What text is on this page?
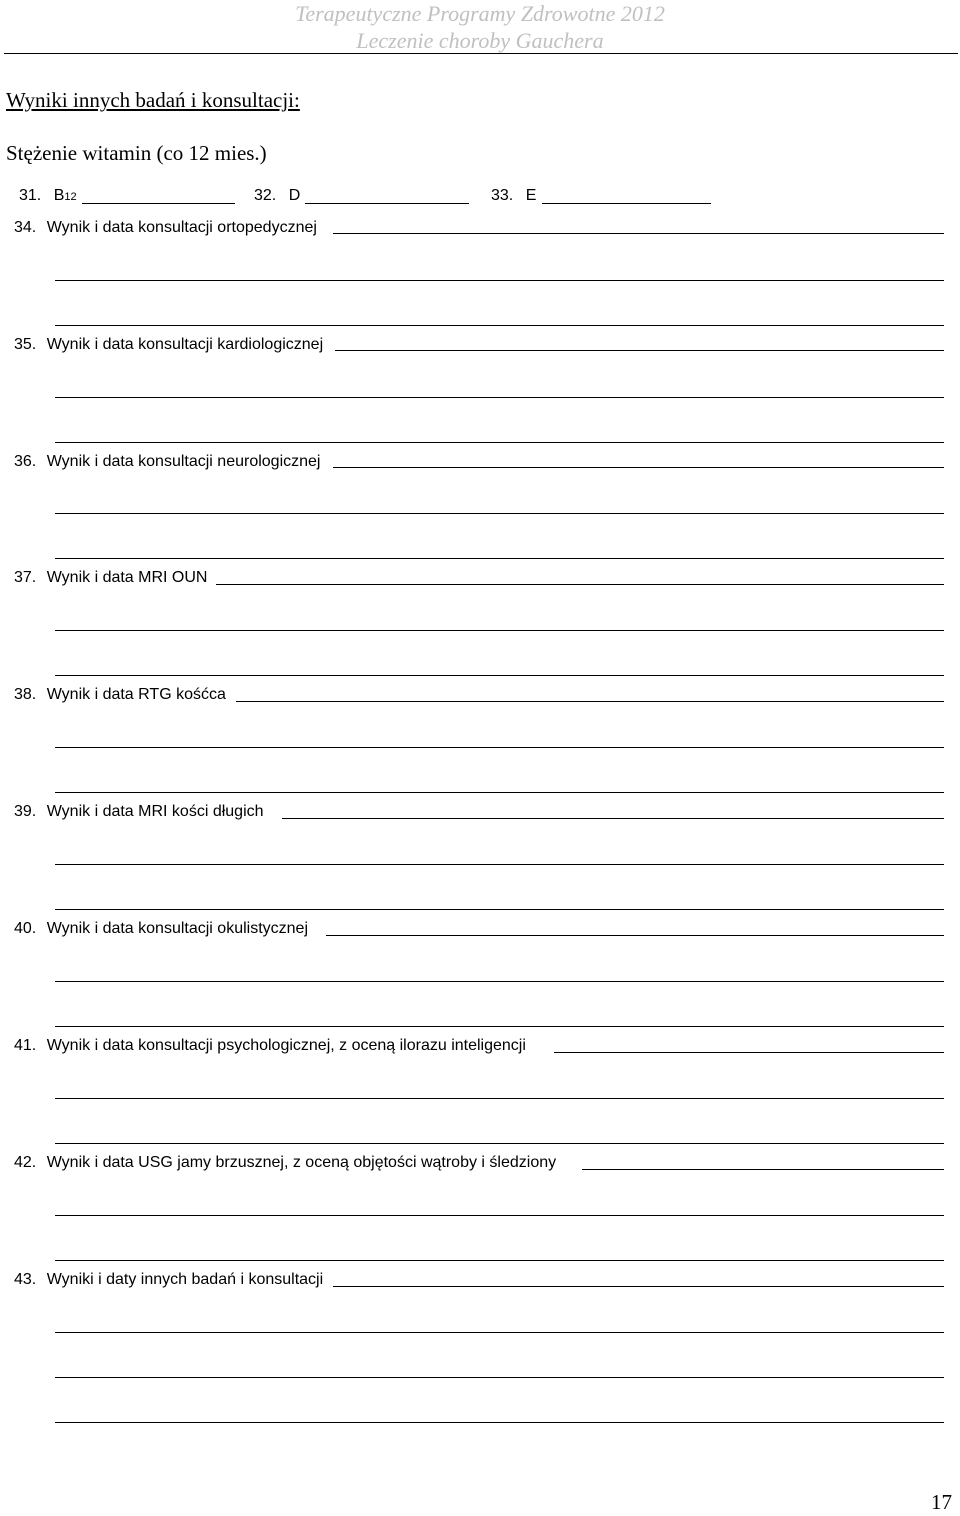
Terapeutyczne Programy Zdrowotne 2012
Leczenie choroby Gauchera
Wyniki innych badań i konsultacji:
Stężenie witamin (co 12 mies.)
31. B12	32. D	33. E
34. Wynik i data konsultacji ortopedycznej
35. Wynik i data konsultacji kardiologicznej
36. Wynik i data konsultacji neurologicznej
37. Wynik i data MRI OUN
38. Wynik i data RTG kośćca
39. Wynik i data MRI kości długich
40. Wynik i data konsultacji okulistycznej
41. Wynik i data konsultacji psychologicznej, z oceną ilorazu inteligencji
42. Wynik i data USG jamy brzusznej, z oceną objętości wątroby i śledziony
43. Wyniki i daty innych badań i konsultacji
17
